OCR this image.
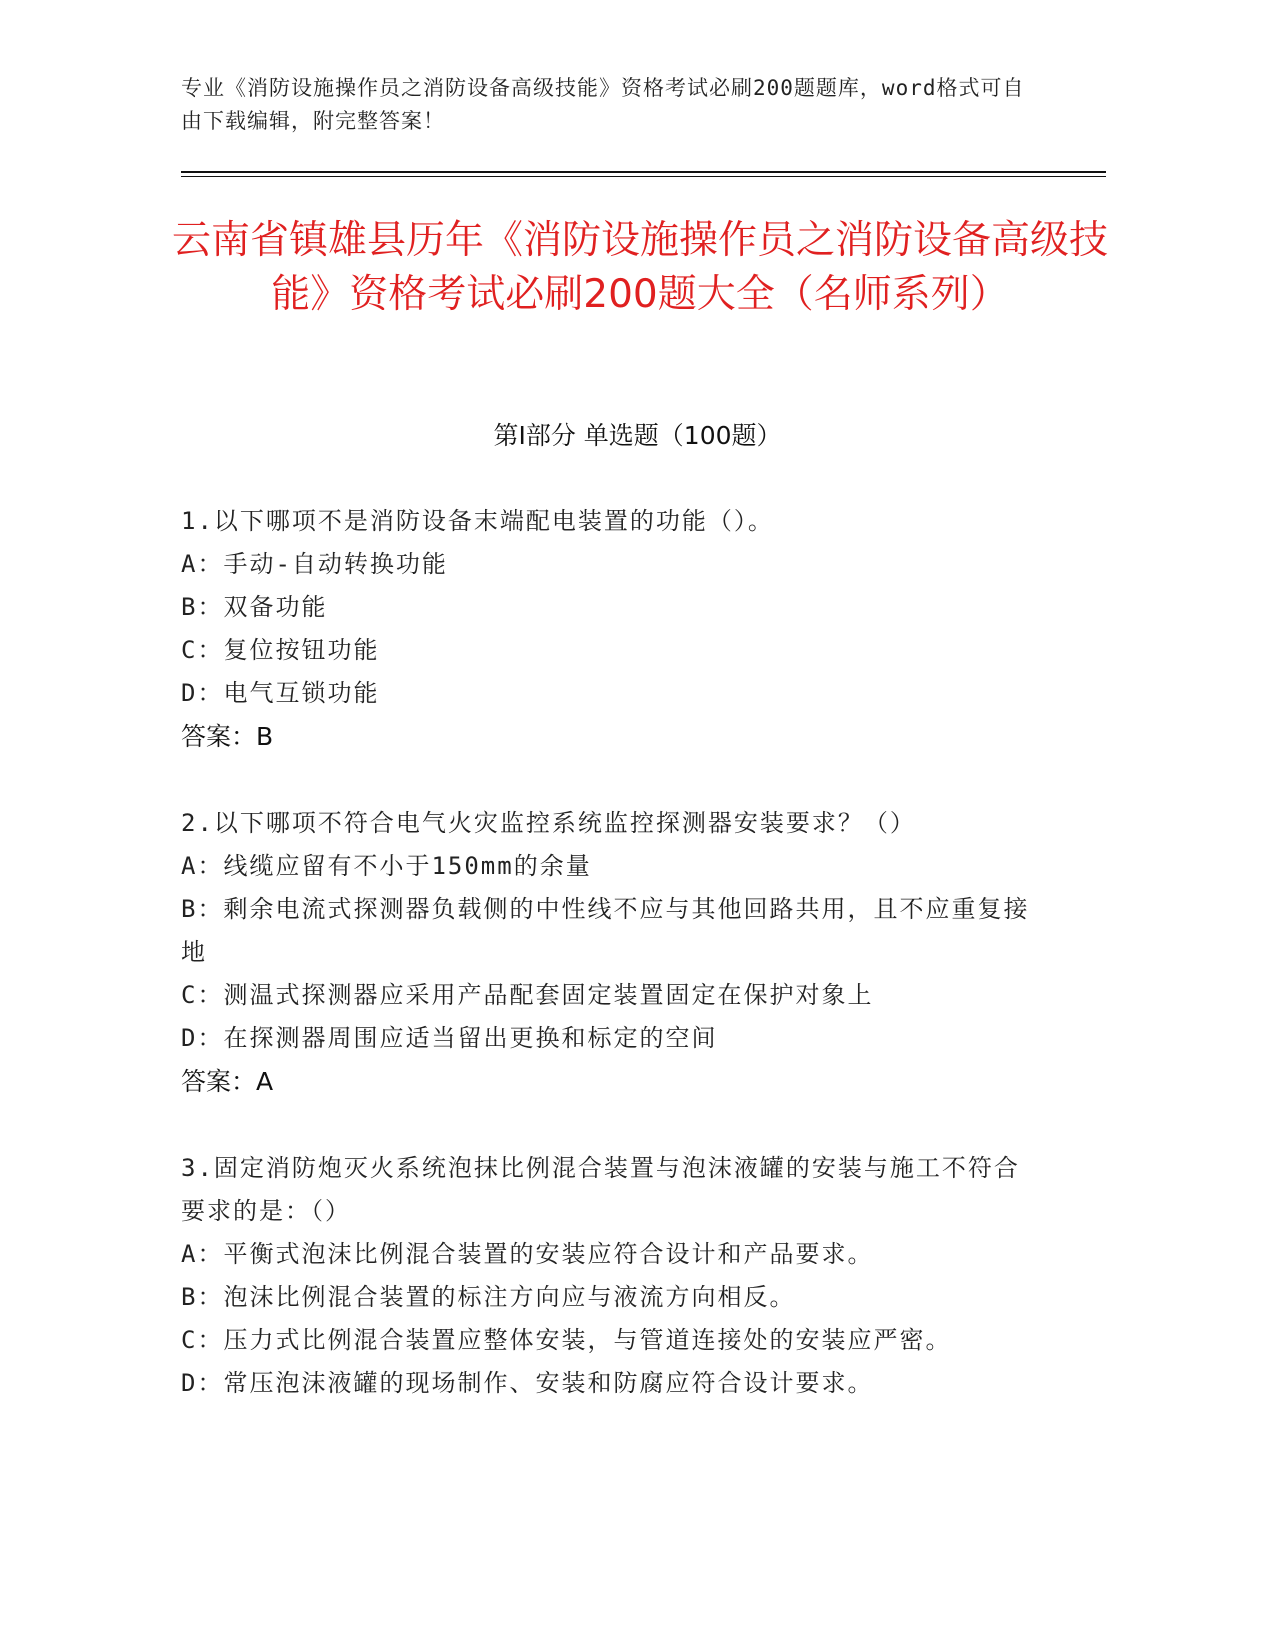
专业《消防设施操作员之消防设备高级技能》资格考试必刷200题题库，word格式可自由下载编辑，附完整答案！
云南省镇雄县历年《消防设施操作员之消防设备高级技能》资格考试必刷200题大全（名师系列）
第I部分 单选题（100题）

1.以下哪项不是消防设备末端配电装置的功能（）。

A：手动-自动转换功能

B：双备功能

C：复位按钮功能

D：电气互锁功能

答案：B

2.以下哪项不符合电气火灾监控系统监控探测器安装要求？（）

A：线缆应留有不小于150mm的余量

B：剩余电流式探测器负载侧的中性线不应与其他回路共用，且不应重复接地

C：测温式探测器应采用产品配套固定装置固定在保护对象上

D：在探测器周围应适当留出更换和标定的空间

答案：A

3.固定消防炮灭火系统泡抹比例混合装置与泡沫液罐的安装与施工不符合要求的是：（）

A：平衡式泡沫比例混合装置的安装应符合设计和产品要求。

B：泡沫比例混合装置的标注方向应与液流方向相反。

C：压力式比例混合装置应整体安装，与管道连接处的安装应严密。

D：常压泡沫液罐的现场制作、安装和防腐应符合设计要求。
